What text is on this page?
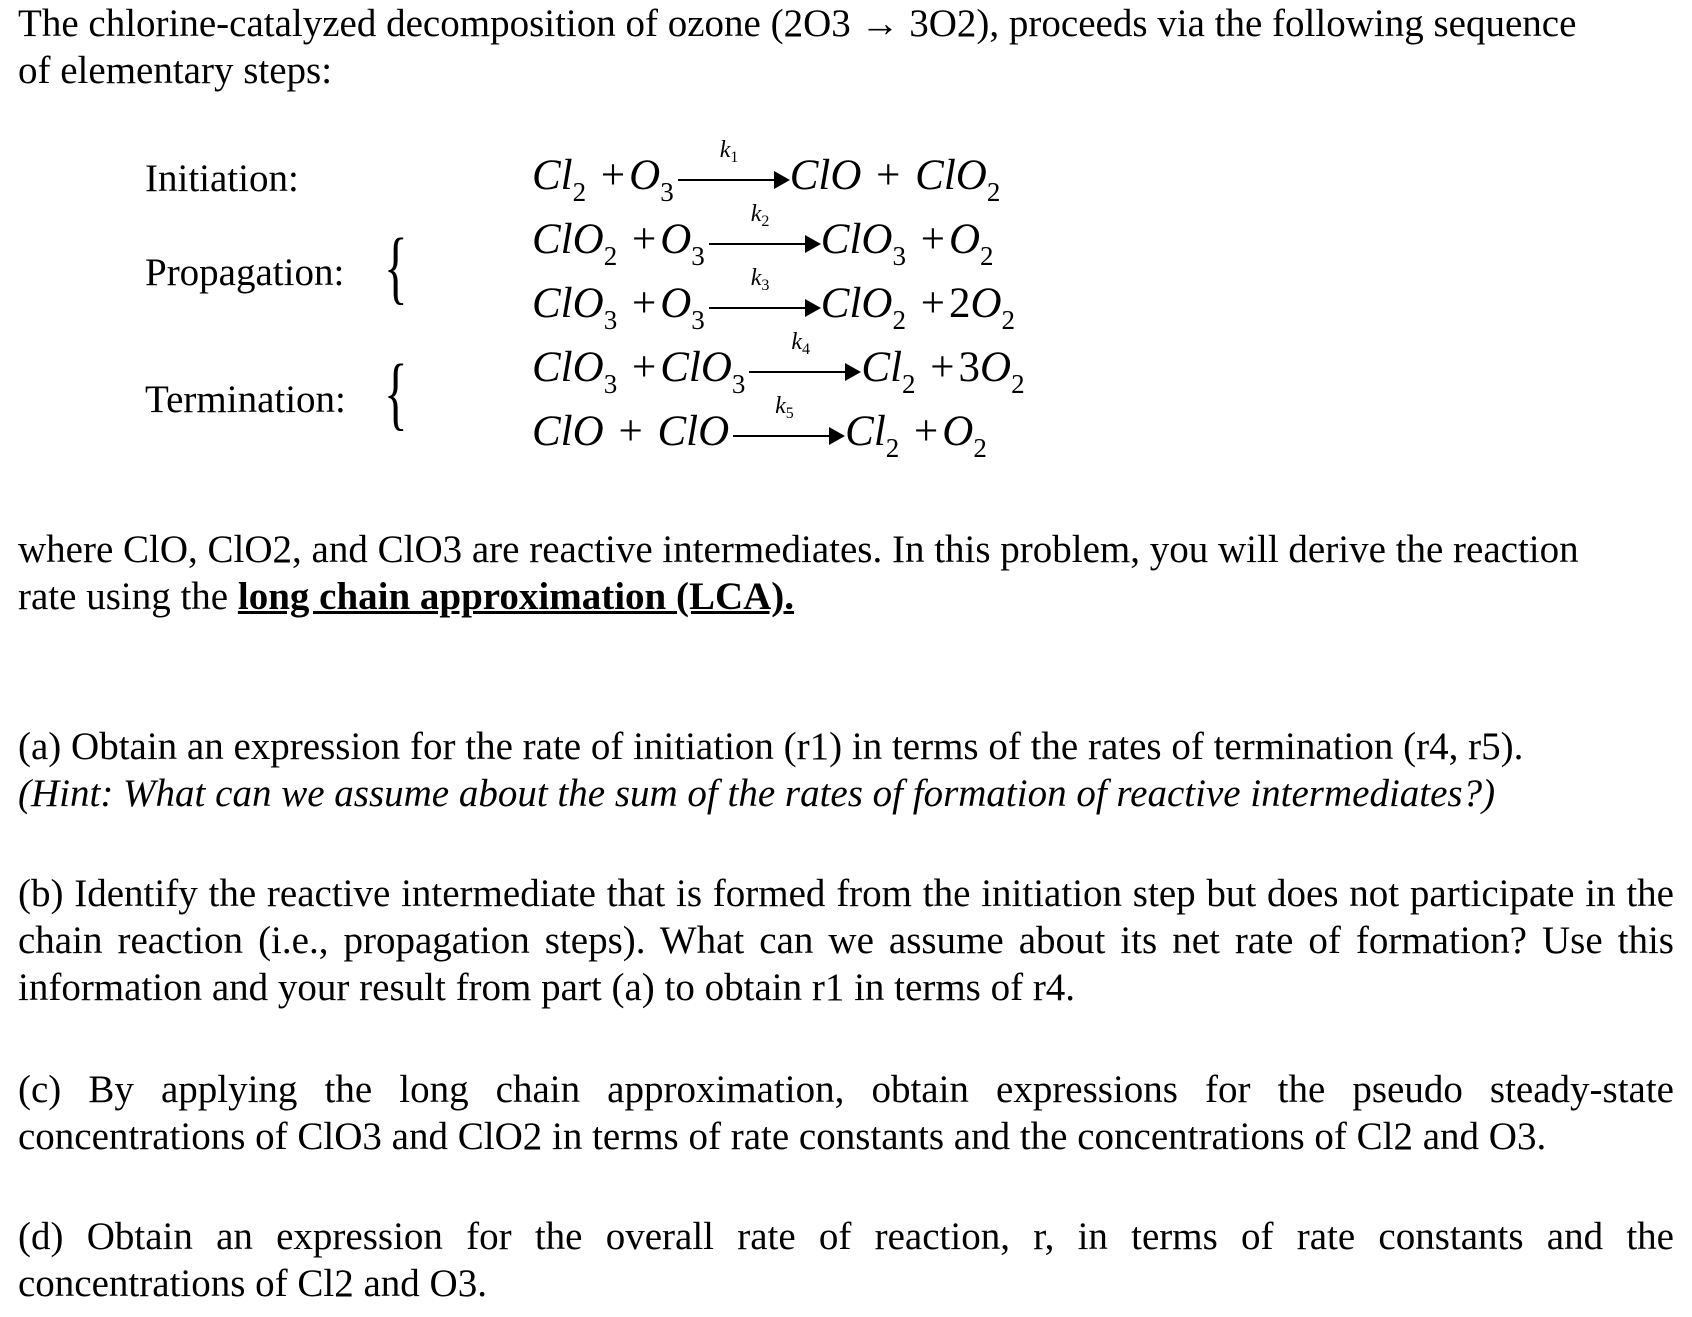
The chlorine-catalyzed decomposition of ozone (2O3 → 3O2), proceeds via the following sequence
of elementary steps:

Initiation:
Propagation:
Termination:
{
{
$Cl_2 +O_3$
$k_1$ ClO + ClO$_2$
$ClO_2 +O_3$
$k_2$ $ClO_3 +O_2$
$ClO_3 +O_3$
$k_3$ $ClO_2 +2O_2$
ClO$_3$ +ClO$_3$
$k_4$ $Cl_2 +3O_2$
ClO + ClO
$k_5$ $Cl_2 +O_2$

where ClO, ClO2, and ClO3 are reactive intermediates. In this problem, you will derive the reaction
rate using the long chain approximation (LCA).

(a) Obtain an expression for the rate of initiation (r1) in terms of the rates of termination (r4, r5).
(Hint: What can we assume about the sum of the rates of formation of reactive intermediates?)

(b) Identify the reactive intermediate that is formed from the initiation step but does not participate in the chain reaction (i.e., propagation steps). What can we assume about its net rate of formation? Use this information and your result from part (a) to obtain r1 in terms of r4.

(c) By applying the long chain approximation, obtain expressions for the pseudo steady-state concentrations of ClO3 and ClO2 in terms of rate constants and the concentrations of Cl2 and O3.

(d) Obtain an expression for the overall rate of reaction, r, in terms of rate constants and the concentrations of Cl2 and O3.
